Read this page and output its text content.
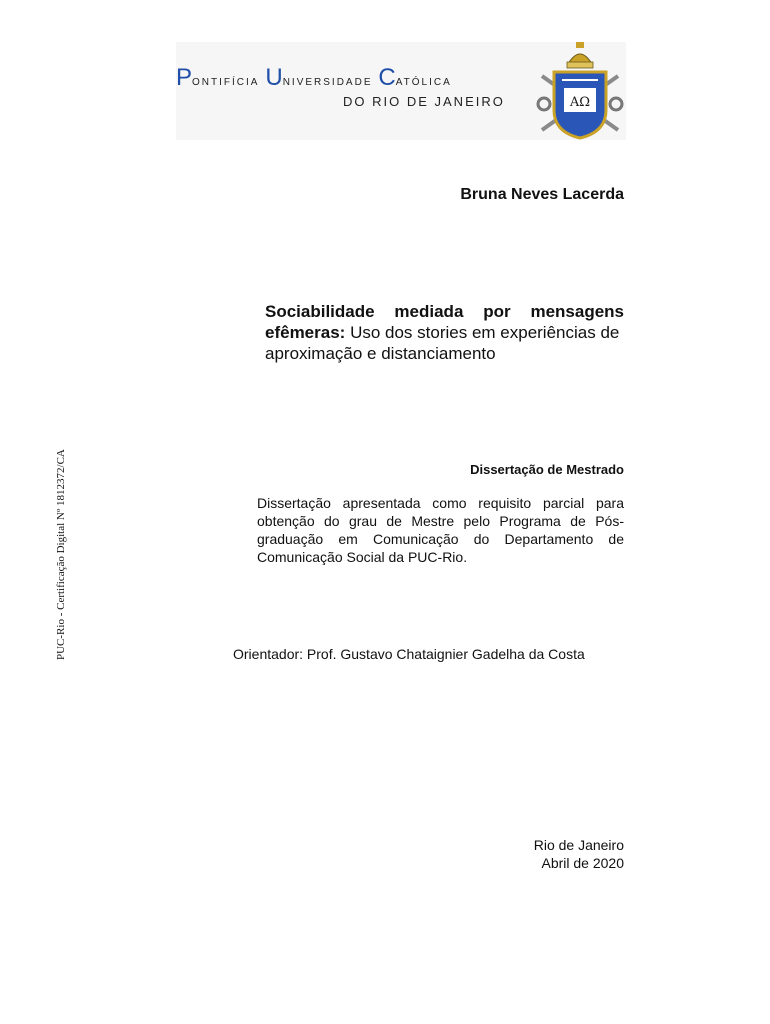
Pontifícia Universidade Católica
DO RIO DE JANEIRO	ΑΩ
Bruna Neves Lacerda
Sociabilidade mediada por mensagens
efêmeras: Uso dos stories em experiências de aproximação e distanciamento
PUC-Rio - Certificação Digital Nº 1812372/CA	Dissertação de Mestrado
Dissertação apresentada como requisito parcial para obtenção do grau de Mestre pelo Programa de Pós-graduação em Comunicação do Departamento de Comunicação Social da PUC-Rio.
Orientador: Prof. Gustavo Chataignier Gadelha da Costa
Rio de Janeiro
Abril de 2020
